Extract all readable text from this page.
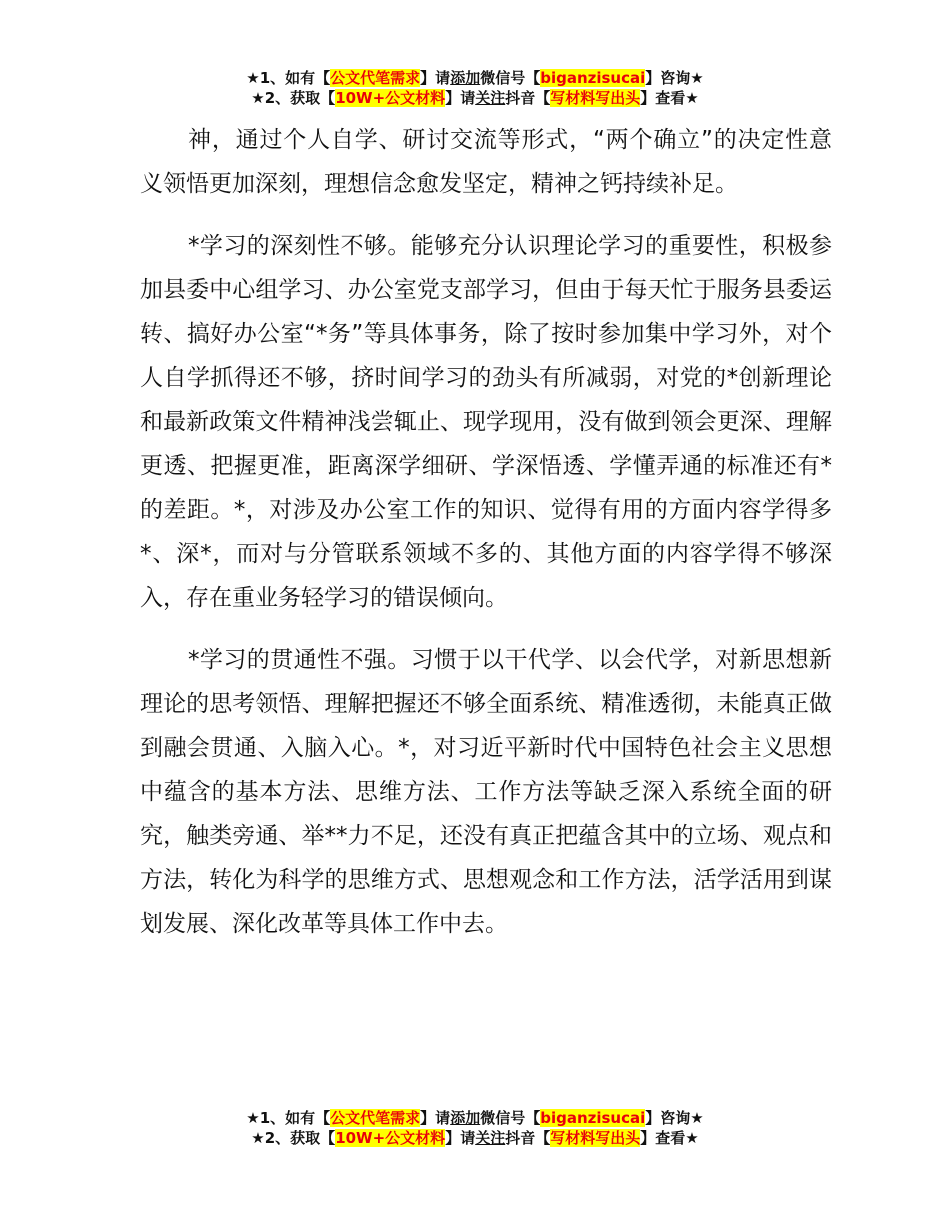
★1、如有【公文代笔需求】请添加微信号【biganzisucai】咨询★
★2、获取【10W+公文材料】请关注抖音【写材料写出头】查看★

神，通过个人自学、研讨交流等形式，“两个确立”的决定性意义领悟更加深刻，理想信念愈发坚定，精神之钙持续补足。

*学习的深刻性不够。能够充分认识理论学习的重要性，积极参加县委中心组学习、办公室党支部学习，但由于每天忙于服务县委运转、搞好办公室“*务”等具体事务，除了按时参加集中学习外，对个人自学抓得还不够，挤时间学习的劲头有所减弱，对党的*创新理论和最新政策文件精神浅尝辄止、现学现用，没有做到领会更深、理解更透、把握更准，距离深学细研、学深悟透、学懂弄通的标准还有*的差距。*，对涉及办公室工作的知识、觉得有用的方面内容学得多*、深*，而对与分管联系领域不多的、其他方面的内容学得不够深入，存在重业务轻学习的错误倾向。

*学习的贯通性不强。习惯于以干代学、以会代学，对新思想新理论的思考领悟、理解把握还不够全面系统、精准透彻，未能真正做到融会贯通、入脑入心。*，对习近平新时代中国特色社会主义思想中蕴含的基本方法、思维方法、工作方法等缺乏深入系统全面的研究，触类旁通、举**力不足，还没有真正把蕴含其中的立场、观点和方法，转化为科学的思维方式、思想观念和工作方法，活学活用到谋划发展、深化改革等具体工作中去。

★1、如有【公文代笔需求】请添加微信号【biganzisucai】咨询★
★2、获取【10W+公文材料】请关注抖音【写材料写出头】查看★
